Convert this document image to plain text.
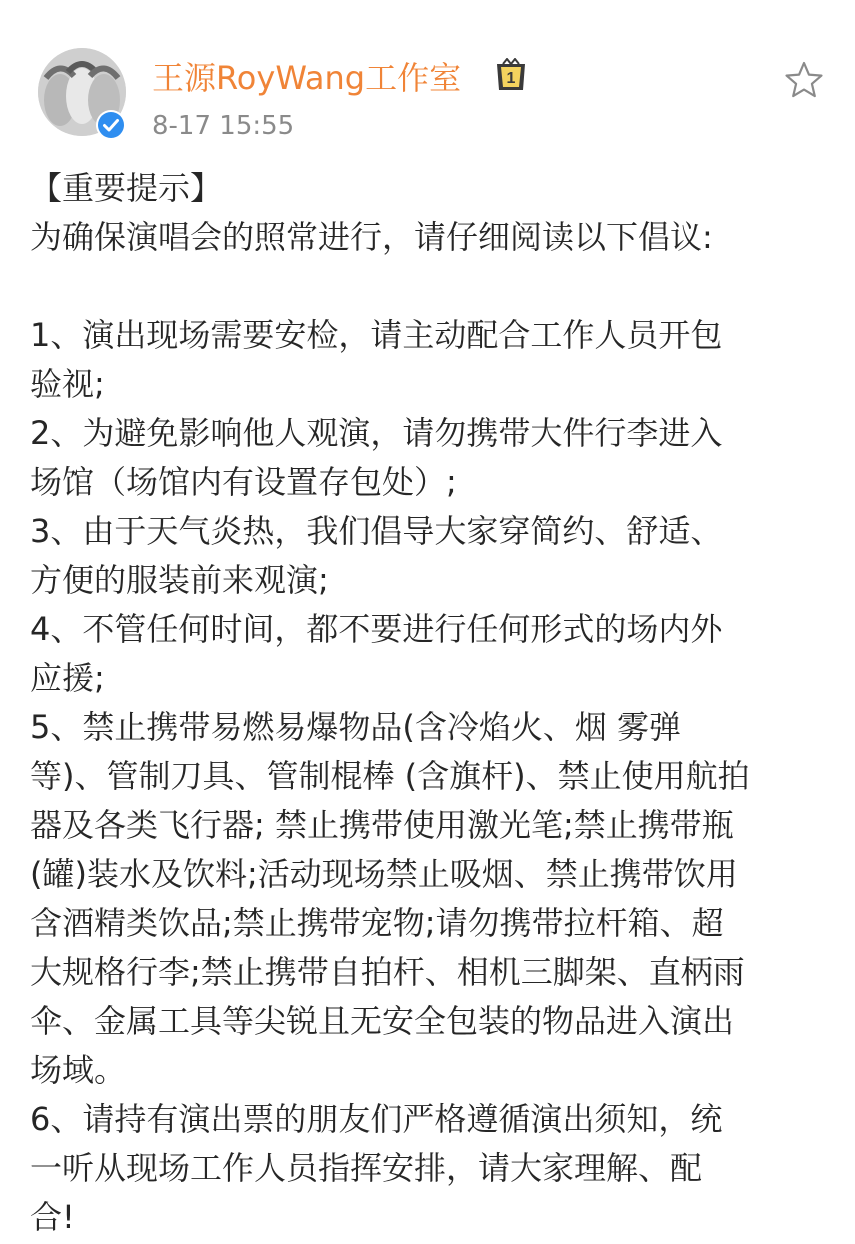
王源RoyWang工作室	1
8-17 15:55

【重要提示】

为确保演唱会的照常进行，请仔细阅读以下倡议:

1、演出现场需要安检，请主动配合工作人员开包

验视;

2、为避免影响他人观演，请勿携带大件行李进入

场馆（场馆内有设置存包处）;

3、由于天气炎热，我们倡导大家穿简约、舒适、

方便的服装前来观演;

4、不管任何时间，都不要进行任何形式的场内外

应援;

5、禁止携带易燃易爆物品(含冷焰火、烟 雾弹

等)、管制刀具、管制棍棒 (含旗杆)、禁止使用航拍

器及各类飞行器; 禁止携带使用激光笔;禁止携带瓶

(罐)装水及饮料;活动现场禁止吸烟、禁止携带饮用

含酒精类饮品;禁止携带宠物;请勿携带拉杆箱、超

大规格行李;禁止携带自拍杆、相机三脚架、直柄雨

伞、金属工具等尖锐且无安全包装的物品进入演出

场域。

6、请持有演出票的朋友们严格遵循演出须知，统

一听从现场工作人员指挥安排，请大家理解、配

合!
